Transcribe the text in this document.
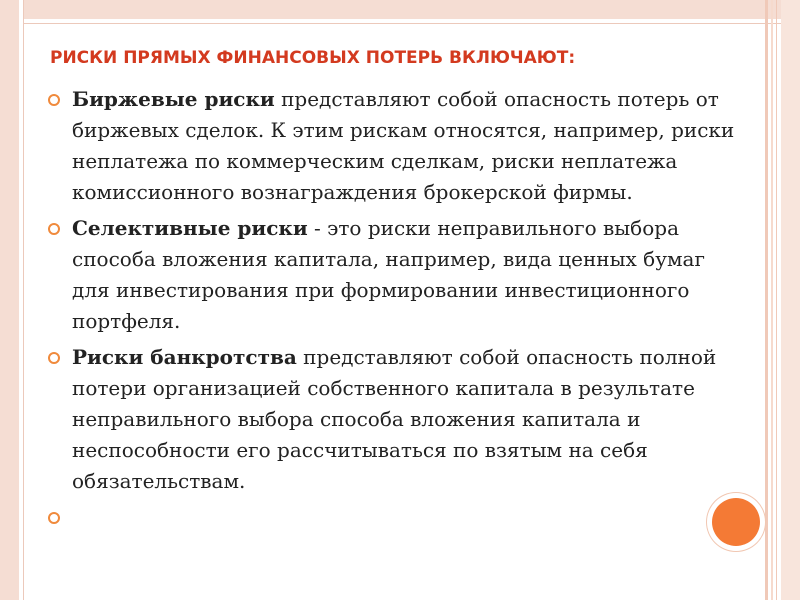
РИСКИ ПРЯМЫХ ФИНАНСОВЫХ ПОТЕРЬ ВКЛЮЧАЮТ:
Биржевые риски представляют собой опасность потерь от биржевых сделок. К этим рискам относятся, например, риски неплатежа по коммерческим сделкам, риски неплатежа комиссионного вознаграждения брокерской фирмы.
Селективные риски - это риски неправильного выбора способа вложения капитала, например, вида ценных бумаг для инвестирования при формировании инвестиционного портфеля.
Риски банкротства представляют собой опасность полной потери организацией собственного капитала в результате неправильного выбора способа вложения капитала и неспособности его рассчитываться по взятым на себя обязательствам.
